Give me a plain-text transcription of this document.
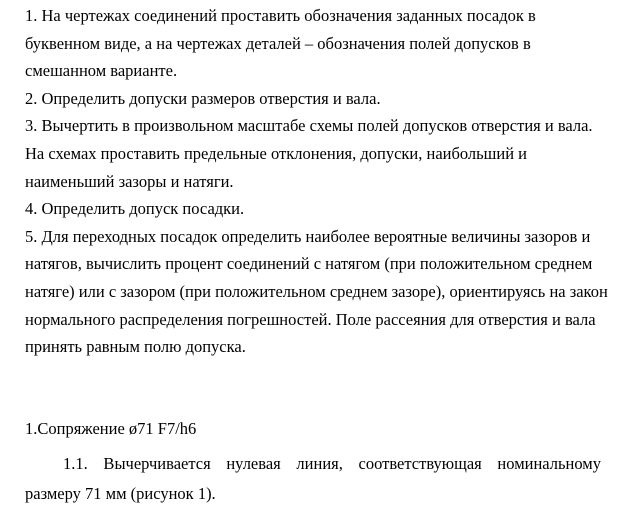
1. На чертежах соединений проставить обозначения заданных посадок в буквенном виде, а на чертежах деталей – обозначения полей допусков в смешанном варианте.

2. Определить допуски размеров отверстия и вала.

3. Вычертить в произвольном масштабе схемы полей допусков отверстия и вала. На схемах проставить предельные отклонения, допуски, наибольший и наименьший зазоры и натяги.

4. Определить допуск посадки.

5. Для переходных посадок определить наиболее вероятные величины зазоров и натягов, вычислить процент соединений с натягом (при положительном среднем натяге) или с зазором (при положительном среднем зазоре), ориентируясь на закон нормального распределения погрешностей. Поле рассеяния для отверстия и вала принять равным полю допуска.

1.Сопряжение ø71 F7/h6

1.1. Вычерчивается нулевая линия, соответствующая номинальному размеру 71 мм (рисунок 1).
